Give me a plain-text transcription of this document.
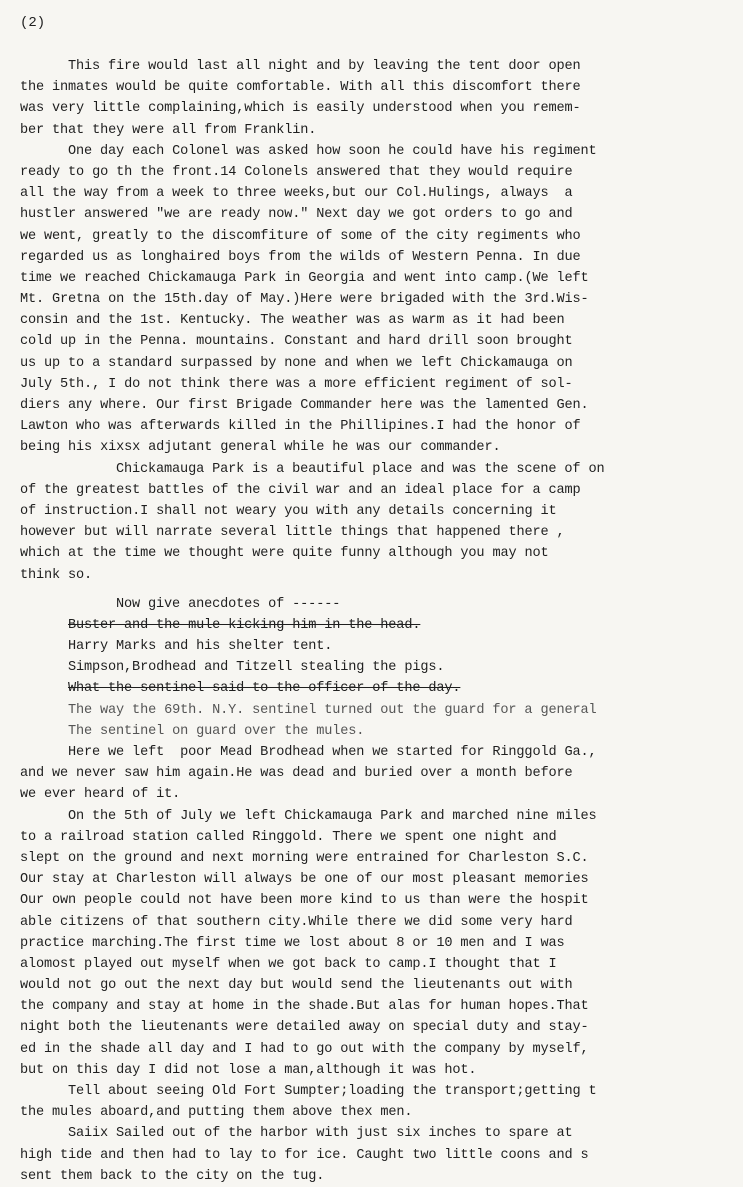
(2)
This fire would last all night and by leaving the tent door open
the inmates would be quite comfortable. With all this discomfort there
was very little complaining,which is easily understood when you remem-
ber that they were all from Franklin.
One day each Colonel was asked how soon he could have his regiment
ready to go th the front.14 Colonels answered that they would require
all the way from a week to three weeks,but our Col.Hulings, always  a
hustler answered "we are ready now." Next day we got orders to go and
we went, greatly to the discomfiture of some of the city regiments who
regarded us as longhaired boys from the wilds of Western Penna. In due
time we reached Chickamauga Park in Georgia and went into camp.(We left
Mt. Gretna on the 15th.day of May.)Here were brigaded with the 3rd.Wis-
consin and the 1st. Kentucky. The weather was as warm as it had been
cold up in the Penna. mountains. Constant and hard drill soon brought
us up to a standard surpassed by none and when we left Chickamauga on
July 5th., I do not think there was a more efficient regiment of sol-
diers any where. Our first Brigade Commander here was the lamented Gen.
Lawton who was afterwards killed in the Phillipines.I had the honor of
being his xixsx adjutant general while he was our commander.
Chickamauga Park is a beautiful place and was the scene of on
of the greatest battles of the civil war and an ideal place for a camp
of instruction.I shall not weary you with any details concerning it
however but will narrate several little things that happened there ,
which at the time we thought were quite funny although you may not
think so.
Now give anecdotes of ------
Buster and the mule kicking him in the head.
Harry Marks and his shelter tent.
Simpson,Brodhead and Titzell stealing the pigs.
What the sentinel said to the officer of the day.
The way the 69th. N.Y. sentinel turned out the guard for a general
The sentinel on guard over the mules.
Here we left  poor Mead Brodhead when we started for Ringgold Ga.,
and we never saw him again.He was dead and buried over a month before
we ever heard of it.
On the 5th of July we left Chickamauga Park and marched nine miles
to a railroad station called Ringgold. There we spent one night and
slept on the ground and next morning were entrained for Charleston S.C.
Our stay at Charleston will always be one of our most pleasant memories
Our own people could not have been more kind to us than were the hospit
able citizens of that southern city.While there we did some very hard
practice marching.The first time we lost about 8 or 10 men and I was
alomost played out myself when we got back to camp.I thought that I
would not go out the next day but would send the lieutenants out with
the company and stay at home in the shade.But alas for human hopes.That
night both the lieutenants were detailed away on special duty and stay-
ed in the shade all day and I had to go out with the company by myself,
but on this day I did not lose a man,although it was hot.
Tell about seeing Old Fort Sumpter;loading the transport;getting t
the mules aboard,and putting them above thex men.
Saiix Sailed out of the harbor with just six inches to spare at
high tide and then had to lay to for ice. Caught two little coons and s
sent them back to the city on the tug.
